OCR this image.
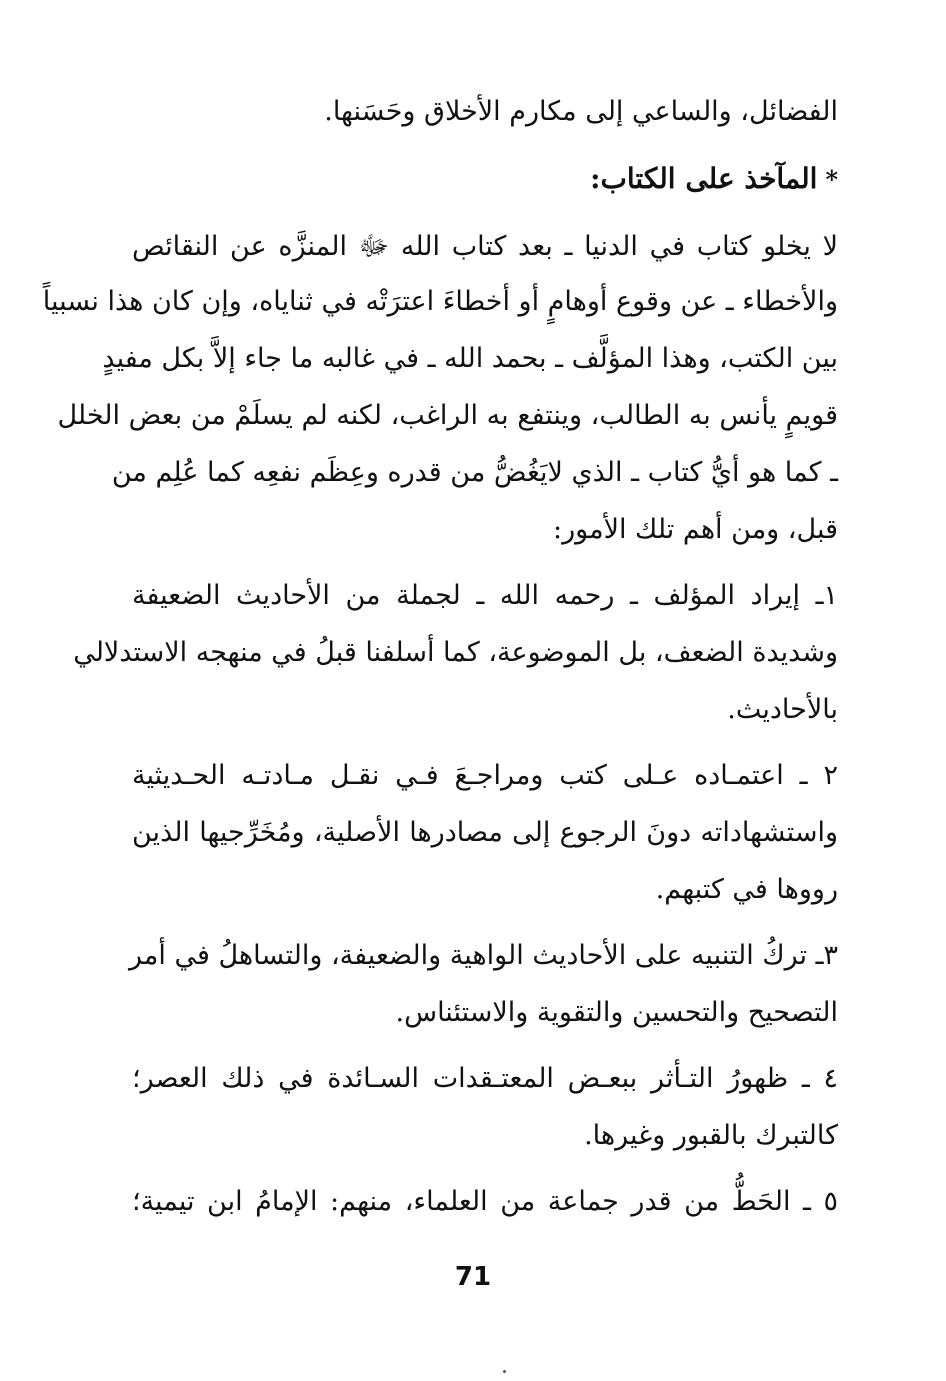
الفضائل، والساعي إلى مكارم الأخلاق وحَسَنها.
*المآخذ على الكتاب:
لا يخلو كتاب في الدنيا ـ بعد كتاب الله ﷻ المنزَّه عن النقائص
والأخطاء ـ عن وقوع أوهامٍ أو أخطاءَ اعترَتْه في ثناياه، وإن كان هذا نسبياً
بين الكتب، وهذا المؤلَّف ـ بحمد الله ـ في غالبه ما جاء إلاَّ بكل مفيدٍ
قويمٍ يأنس به الطالب، وينتفع به الراغب، لكنه لم يسلَمْ من بعض الخلل
ـ كما هو أيُّ كتاب ـ الذي لايَغُضُّ من قدره وعِظَم نفعِه كما عُلِم من
قبل، ومن أهم تلك الأمور:
١ـ إيراد المؤلف ـ رحمه الله ـ لجملة من الأحاديث الضعيفة
وشديدة الضعف، بل الموضوعة، كما أسلفنا قبلُ في منهجه الاستدلالي
بالأحاديث.
٢ ـ اعتمـاده عـلى كتب ومراجـعَ فـي نقـل مـادتـه الحـديثية
واستشهاداته دونَ الرجوع إلى مصادرها الأصلية، ومُخَرِّجيها الذين
رووها في كتبهم.
٣ـ تركُ التنبيه على الأحاديث الواهية والضعيفة، والتساهلُ في أمر
التصحيح والتحسين والتقوية والاستئناس.
٤ ـ ظهورُ التـأثر ببعـض المعتـقدات السـائدة في ذلك العصر؛
كالتبرك بالقبور وغيرها.
٥ ـ الحَطُّ من قدر جماعة من العلماء، منهم: الإمامُ ابن تيمية؛
71
